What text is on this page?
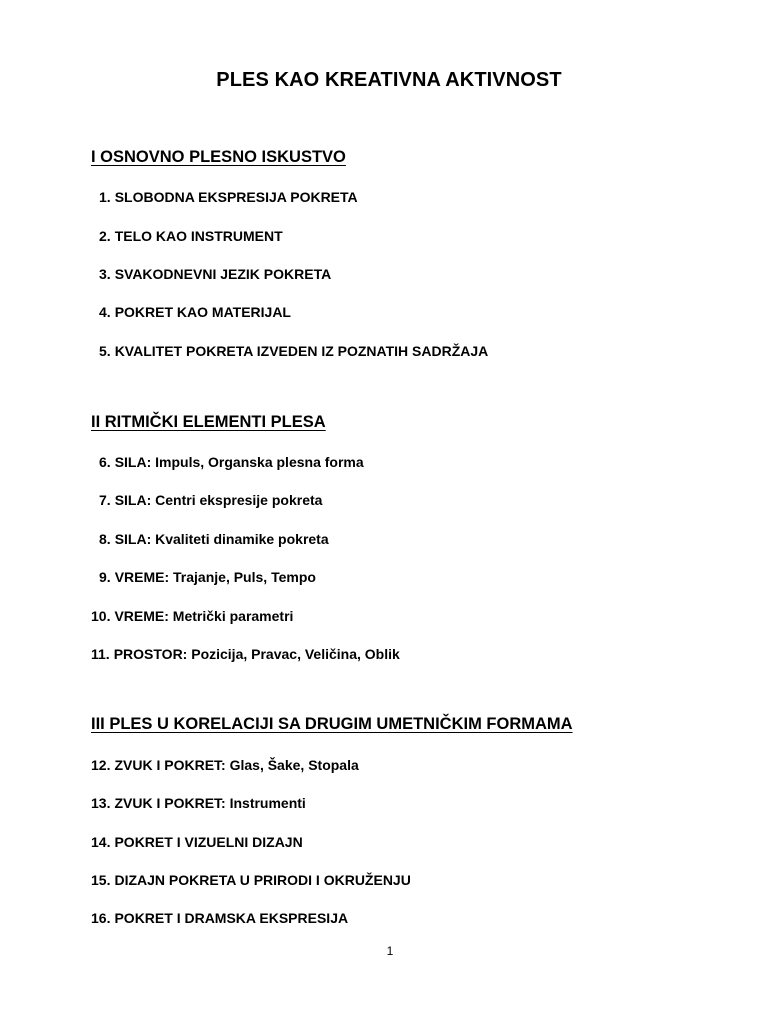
PLES KAO KREATIVNA AKTIVNOST
I OSNOVNO PLESNO ISKUSTVO
1. SLOBODNA EKSPRESIJA POKRETA
2. TELO KAO INSTRUMENT
3. SVAKODNEVNI JEZIK POKRETA
4. POKRET KAO MATERIJAL
5. KVALITET POKRETA IZVEDEN IZ POZNATIH SADRŽAJA
II RITMIČKI ELEMENTI PLESA
6. SILA: Impuls, Organska plesna forma
7. SILA: Centri ekspresije pokreta
8. SILA: Kvaliteti dinamike pokreta
9. VREME: Trajanje, Puls, Tempo
10. VREME: Metrički parametri
11. PROSTOR: Pozicija, Pravac, Veličina, Oblik
III PLES U KORELACIJI SA DRUGIM UMETNIČKIM FORMAMA
12. ZVUK I POKRET: Glas, Šake, Stopala
13. ZVUK I POKRET: Instrumenti
14. POKRET I VIZUELNI DIZAJN
15. DIZAJN POKRETA U PRIRODI I OKRUŽENJU
16. POKRET I DRAMSKA EKSPRESIJA
1
